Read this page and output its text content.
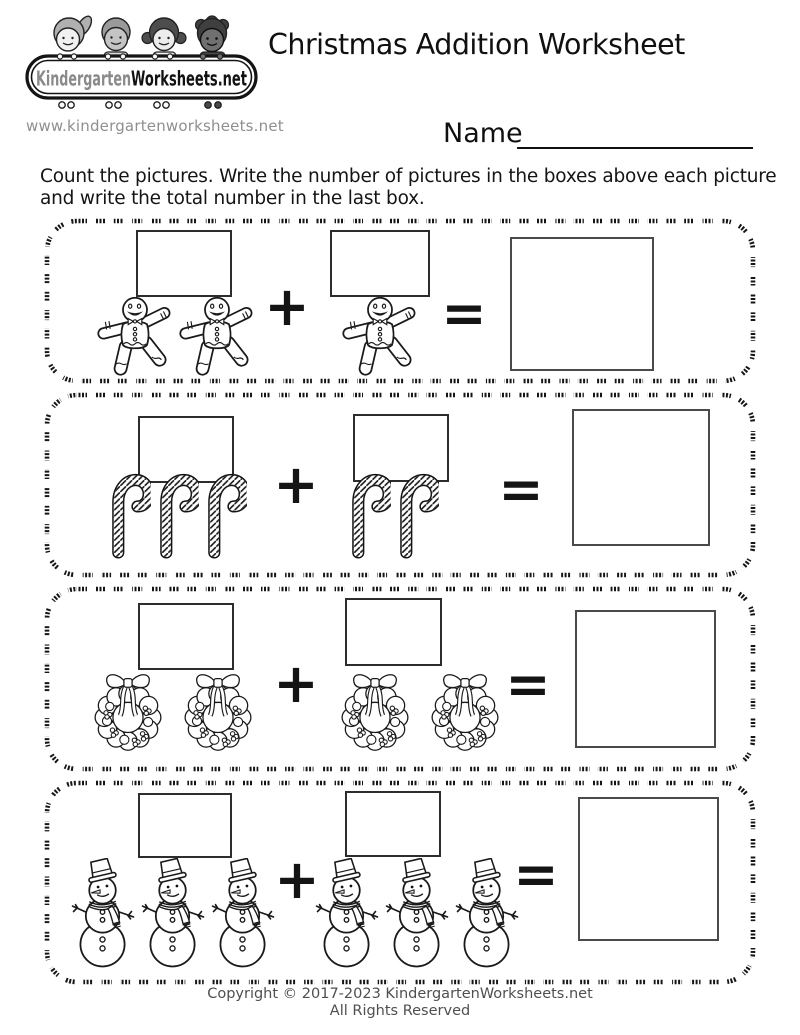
www.kindergartenworksheets.net
Christmas Addition Worksheet
Name
Count the pictures. Write the number of pictures in the boxes above each picture and write the total number in the last box.
+ =
+	=
+	=
+	=
Copyright © 2017-2023 KindergartenWorksheets.net
All Rights Reserved
